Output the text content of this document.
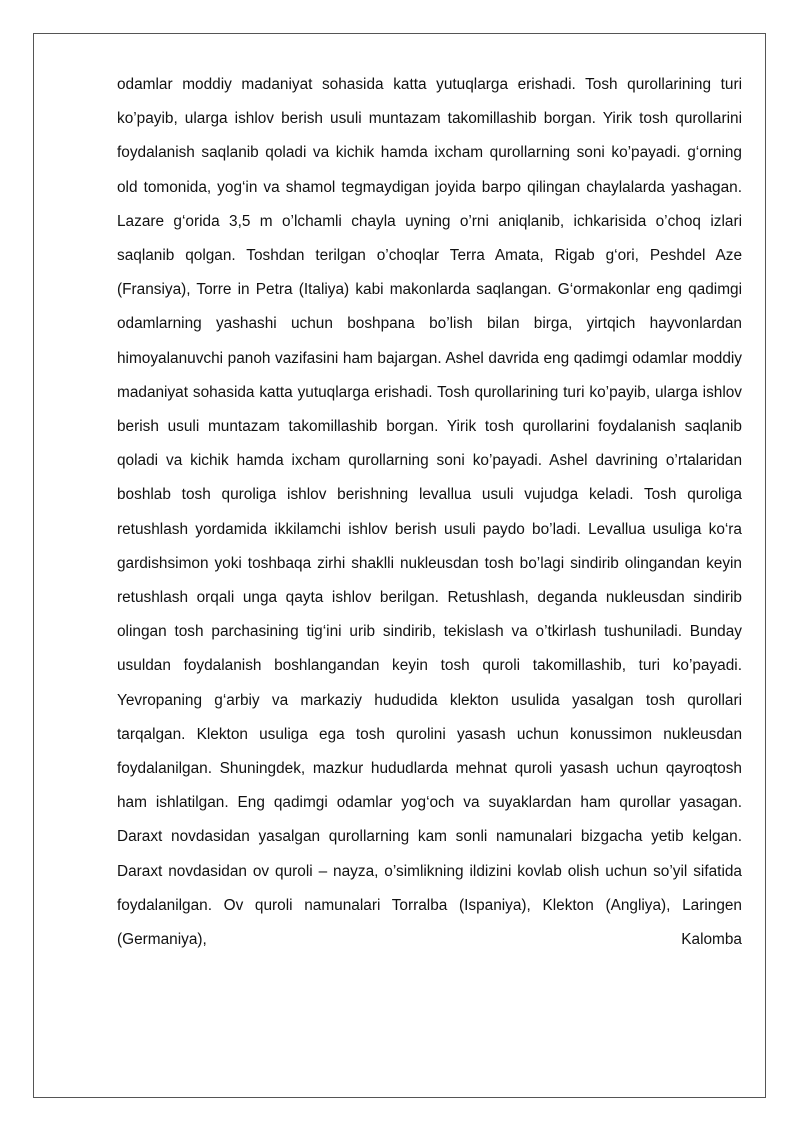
odamlar moddiy madaniyat sohasida katta yutuqlarga erishadi. Tosh qurollarining turi ko’payib, ularga ishlov berish usuli muntazam takomillashib borgan. Yirik tosh qurollarini foydalanish saqlanib qoladi va kichik hamda ixcham qurollarning soni ko’payadi. g‘orning old tomonida, yog‘in va shamol tegmaydigan joyida barpo qilingan chaylalarda yashagan. Lazare g‘orida 3,5 m o’lchamli chayla uyning o’rni aniqlanib, ichkarisida o’choq izlari saqlanib qolgan. Toshdan terilgan o’choqlar Terra Amata, Rigab g‘ori, Peshdel Aze (Fransiya), Torre in Petra (Italiya) kabi makonlarda saqlangan. G‘ormakonlar eng qadimgi odamlarning yashashi uchun boshpana bo’lish bilan birga, yirtqich hayvonlardan himoyalanuvchi panoh vazifasini ham bajargan. Ashel davrida eng qadimgi odamlar moddiy madaniyat sohasida katta yutuqlarga erishadi. Tosh qurollarining turi ko’payib, ularga ishlov berish usuli muntazam takomillashib borgan. Yirik tosh qurollarini foydalanish saqlanib qoladi va kichik hamda ixcham qurollarning soni ko’payadi. Ashel davrining o’rtalaridan boshlab tosh quroliga ishlov berishning levallua usuli vujudga keladi. Tosh quroliga retushlash yordamida ikkilamchi ishlov berish usuli paydo bo’ladi. Levallua usuliga ko‘ra gardishsimon yoki toshbaqa zirhi shaklli nukleusdan tosh bo’lagi sindirib olingandan keyin retushlash orqali unga qayta ishlov berilgan. Retushlash, deganda nukleusdan sindirib olingan tosh parchasining tig‘ini urib sindirib, tekislash va o’tkirlash tushuniladi. Bunday usuldan foydalanish boshlangandan keyin tosh quroli takomillashib, turi ko’payadi. Yevropaning g‘arbiy va markaziy hududida klekton usulida yasalgan tosh qurollari tarqalgan. Klekton usuliga ega tosh qurolini yasash uchun konussimon nukleusdan foydalanilgan. Shuningdek, mazkur hududlarda mehnat quroli yasash uchun qayroqtosh ham ishlatilgan. Eng qadimgi odamlar yog‘och va suyaklardan ham qurollar yasagan. Daraxt novdasidan yasalgan qurollarning kam sonli namunalari bizgacha yetib kelgan. Daraxt novdasidan ov quroli – nayza, o’simlikning ildizini kovlab olish uchun so’yil sifatida foydalanilgan. Ov quroli namunalari Torralba (Ispaniya), Klekton (Angliya), Laringen (Germaniya), Kalomba
